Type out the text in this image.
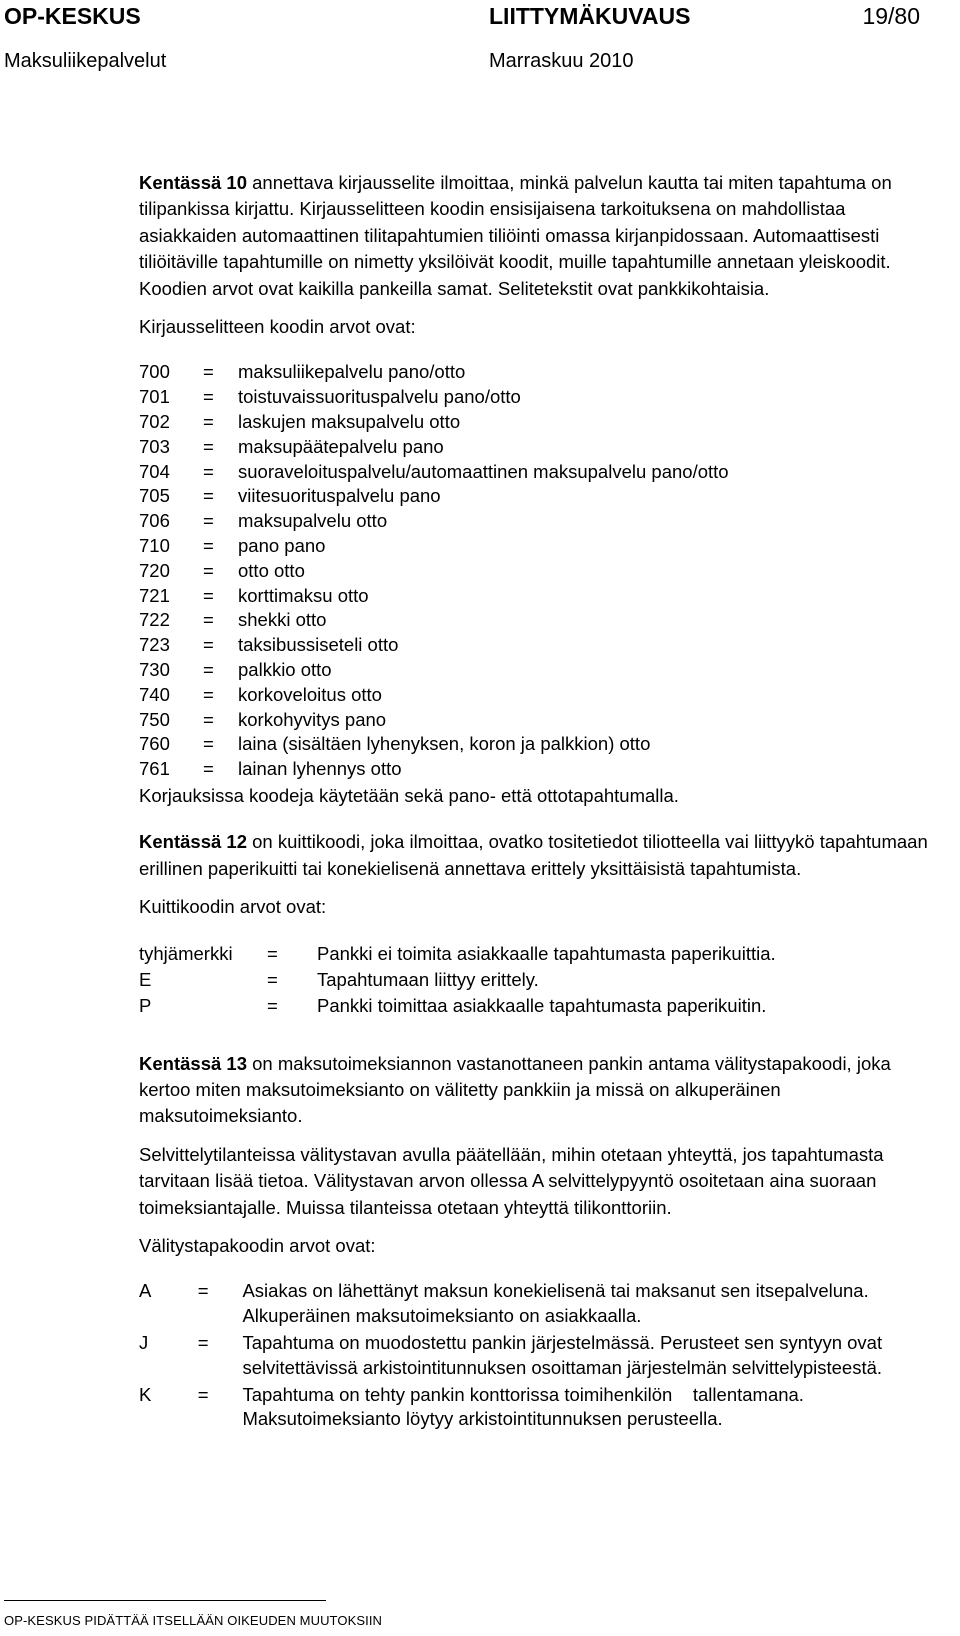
OP-KESKUS	LIITTYMÄKUVAUS	19/80
Maksuliikepalvelut	Marraskuu 2010

Kentässä 10 annettava kirjausselite ilmoittaa, minkä palvelun kautta tai miten tapahtuma on tilipankissa kirjattu. Kirjausselitteen koodin ensisijaisena tarkoituksena on mahdollistaa asiakkaiden automaattinen tilitapahtumien tiliöinti omassa kirjanpidossaan. Automaattisesti tiliöitäville tapahtumille on nimetty yksilöivät koodit, muille tapahtumille annetaan yleiskoodit. Koodien arvot ovat kaikilla pankeilla samat. Selitetekstit ovat pankkikohtaisia.

Kirjausselitteen koodin arvot ovat:

700	=	maksuliikepalvelu pano/otto
701	=	toistuvaissuorituspalvelu pano/otto
702	=	laskujen maksupalvelu otto
703	=	maksupäätepalvelu pano
704	=	suoraveloituspalvelu/automaattinen maksupalvelu pano/otto
705	=	viitesuorituspalvelu pano
706	=	maksupalvelu otto
710	=	pano pano
720	=	otto otto
721	=	korttimaksu otto
722	=	shekki otto
723	=	taksibussiseteli otto
730	=	palkkio otto
740	=	korkoveloitus otto
750	=	korkohyvitys pano
760	=	laina (sisältäen lyhenyksen, koron ja palkkion) otto
761	=	lainan lyhennys otto

Korjauksissa koodeja käytetään sekä pano- että ottotapahtumalla.

Kentässä 12 on kuittikoodi, joka ilmoittaa, ovatko tositetiedot tiliotteella vai liittyykö tapahtumaan erillinen paperikuitti tai konekielisenä annettava erittely yksittäisistä tapahtumista.

Kuittikoodin arvot ovat:

tyhjämerkki	=	Pankki ei toimita asiakkaalle tapahtumasta paperikuittia.
E	=	Tapahtumaan liittyy erittely.
P	=	Pankki toimittaa asiakkaalle tapahtumasta paperikuitin.

Kentässä 13 on maksutoimeksiannon vastanottaneen pankin antama välitystapakoodi, joka kertoo miten maksutoimeksianto on välitetty pankkiin ja missä on alkuperäinen maksutoimeksianto.

Selvittelytilanteissa välitystavan avulla päätellään, mihin otetaan yhteyttä, jos tapahtumasta tarvitaan lisää tietoa. Välitystavan arvon ollessa A selvittelypyyntö osoitetaan aina suoraan toimeksiantajalle. Muissa tilanteissa otetaan yhteyttä tilikonttoriin.

Välitystapakoodin arvot ovat:

A	=	Asiakas on lähettänyt maksun konekielisenä tai maksanut sen itsepalveluna.
Alkuperäinen maksutoimeksianto on asiakkaalla.

J	=	Tapahtuma on muodostettu pankin järjestelmässä. Perusteet sen syntyyn ovat selvitettävissä arkistointitunnuksen osoittaman järjestelmän selvittelypisteestä.

K	=	Tapahtuma on tehty pankin konttorissa toimihenkilön    tallentamana.
Maksutoimeksianto löytyy arkistointitunnuksen perusteella.
OP-KESKUS PIDÄTTÄÄ ITSELLÄÄN OIKEUDEN MUUTOKSIIN
